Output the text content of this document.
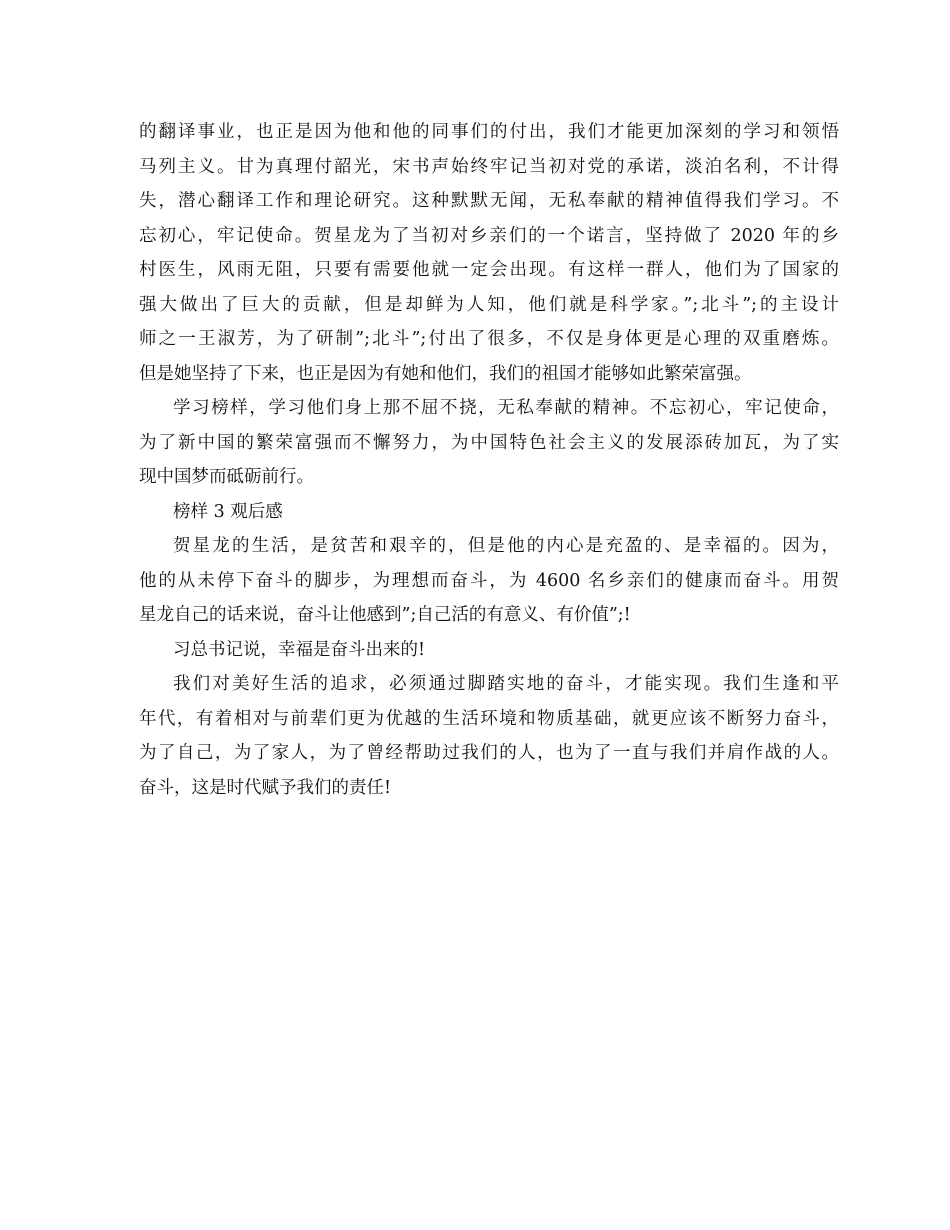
的翻译事业，也正是因为他和他的同事们的付出，我们才能更加深刻的学习和领悟
马列主义。甘为真理付韶光，宋书声始终牢记当初对党的承诺，淡泊名利，不计得
失，潜心翻译工作和理论研究。这种默默无闻，无私奉献的精神值得我们学习。不
忘初心，牢记使命。贺星龙为了当初对乡亲们的一个诺言，坚持做了 2020 年的乡
村医生，风雨无阻，只要有需要他就一定会出现。有这样一群人，他们为了国家的
强大做出了巨大的贡献，但是却鲜为人知，他们就是科学家。”;北斗”;的主设计
师之一王淑芳，为了研制”;北斗”;付出了很多，不仅是身体更是心理的双重磨炼。
但是她坚持了下来，也正是因为有她和他们，我们的祖国才能够如此繁荣富强。
学习榜样，学习他们身上那不屈不挠，无私奉献的精神。不忘初心，牢记使命，
为了新中国的繁荣富强而不懈努力，为中国特色社会主义的发展添砖加瓦，为了实
现中国梦而砥砺前行。
榜样 3 观后感
贺星龙的生活，是贫苦和艰辛的，但是他的内心是充盈的、是幸福的。因为，
他的从未停下奋斗的脚步，为理想而奋斗，为 4600 名乡亲们的健康而奋斗。用贺
星龙自己的话来说，奋斗让他感到”;自己活的有意义、有价值”;!
习总书记说，幸福是奋斗出来的!
我们对美好生活的追求，必须通过脚踏实地的奋斗，才能实现。我们生逢和平
年代，有着相对与前辈们更为优越的生活环境和物质基础，就更应该不断努力奋斗，
为了自己，为了家人，为了曾经帮助过我们的人，也为了一直与我们并肩作战的人。
奋斗，这是时代赋予我们的责任!
